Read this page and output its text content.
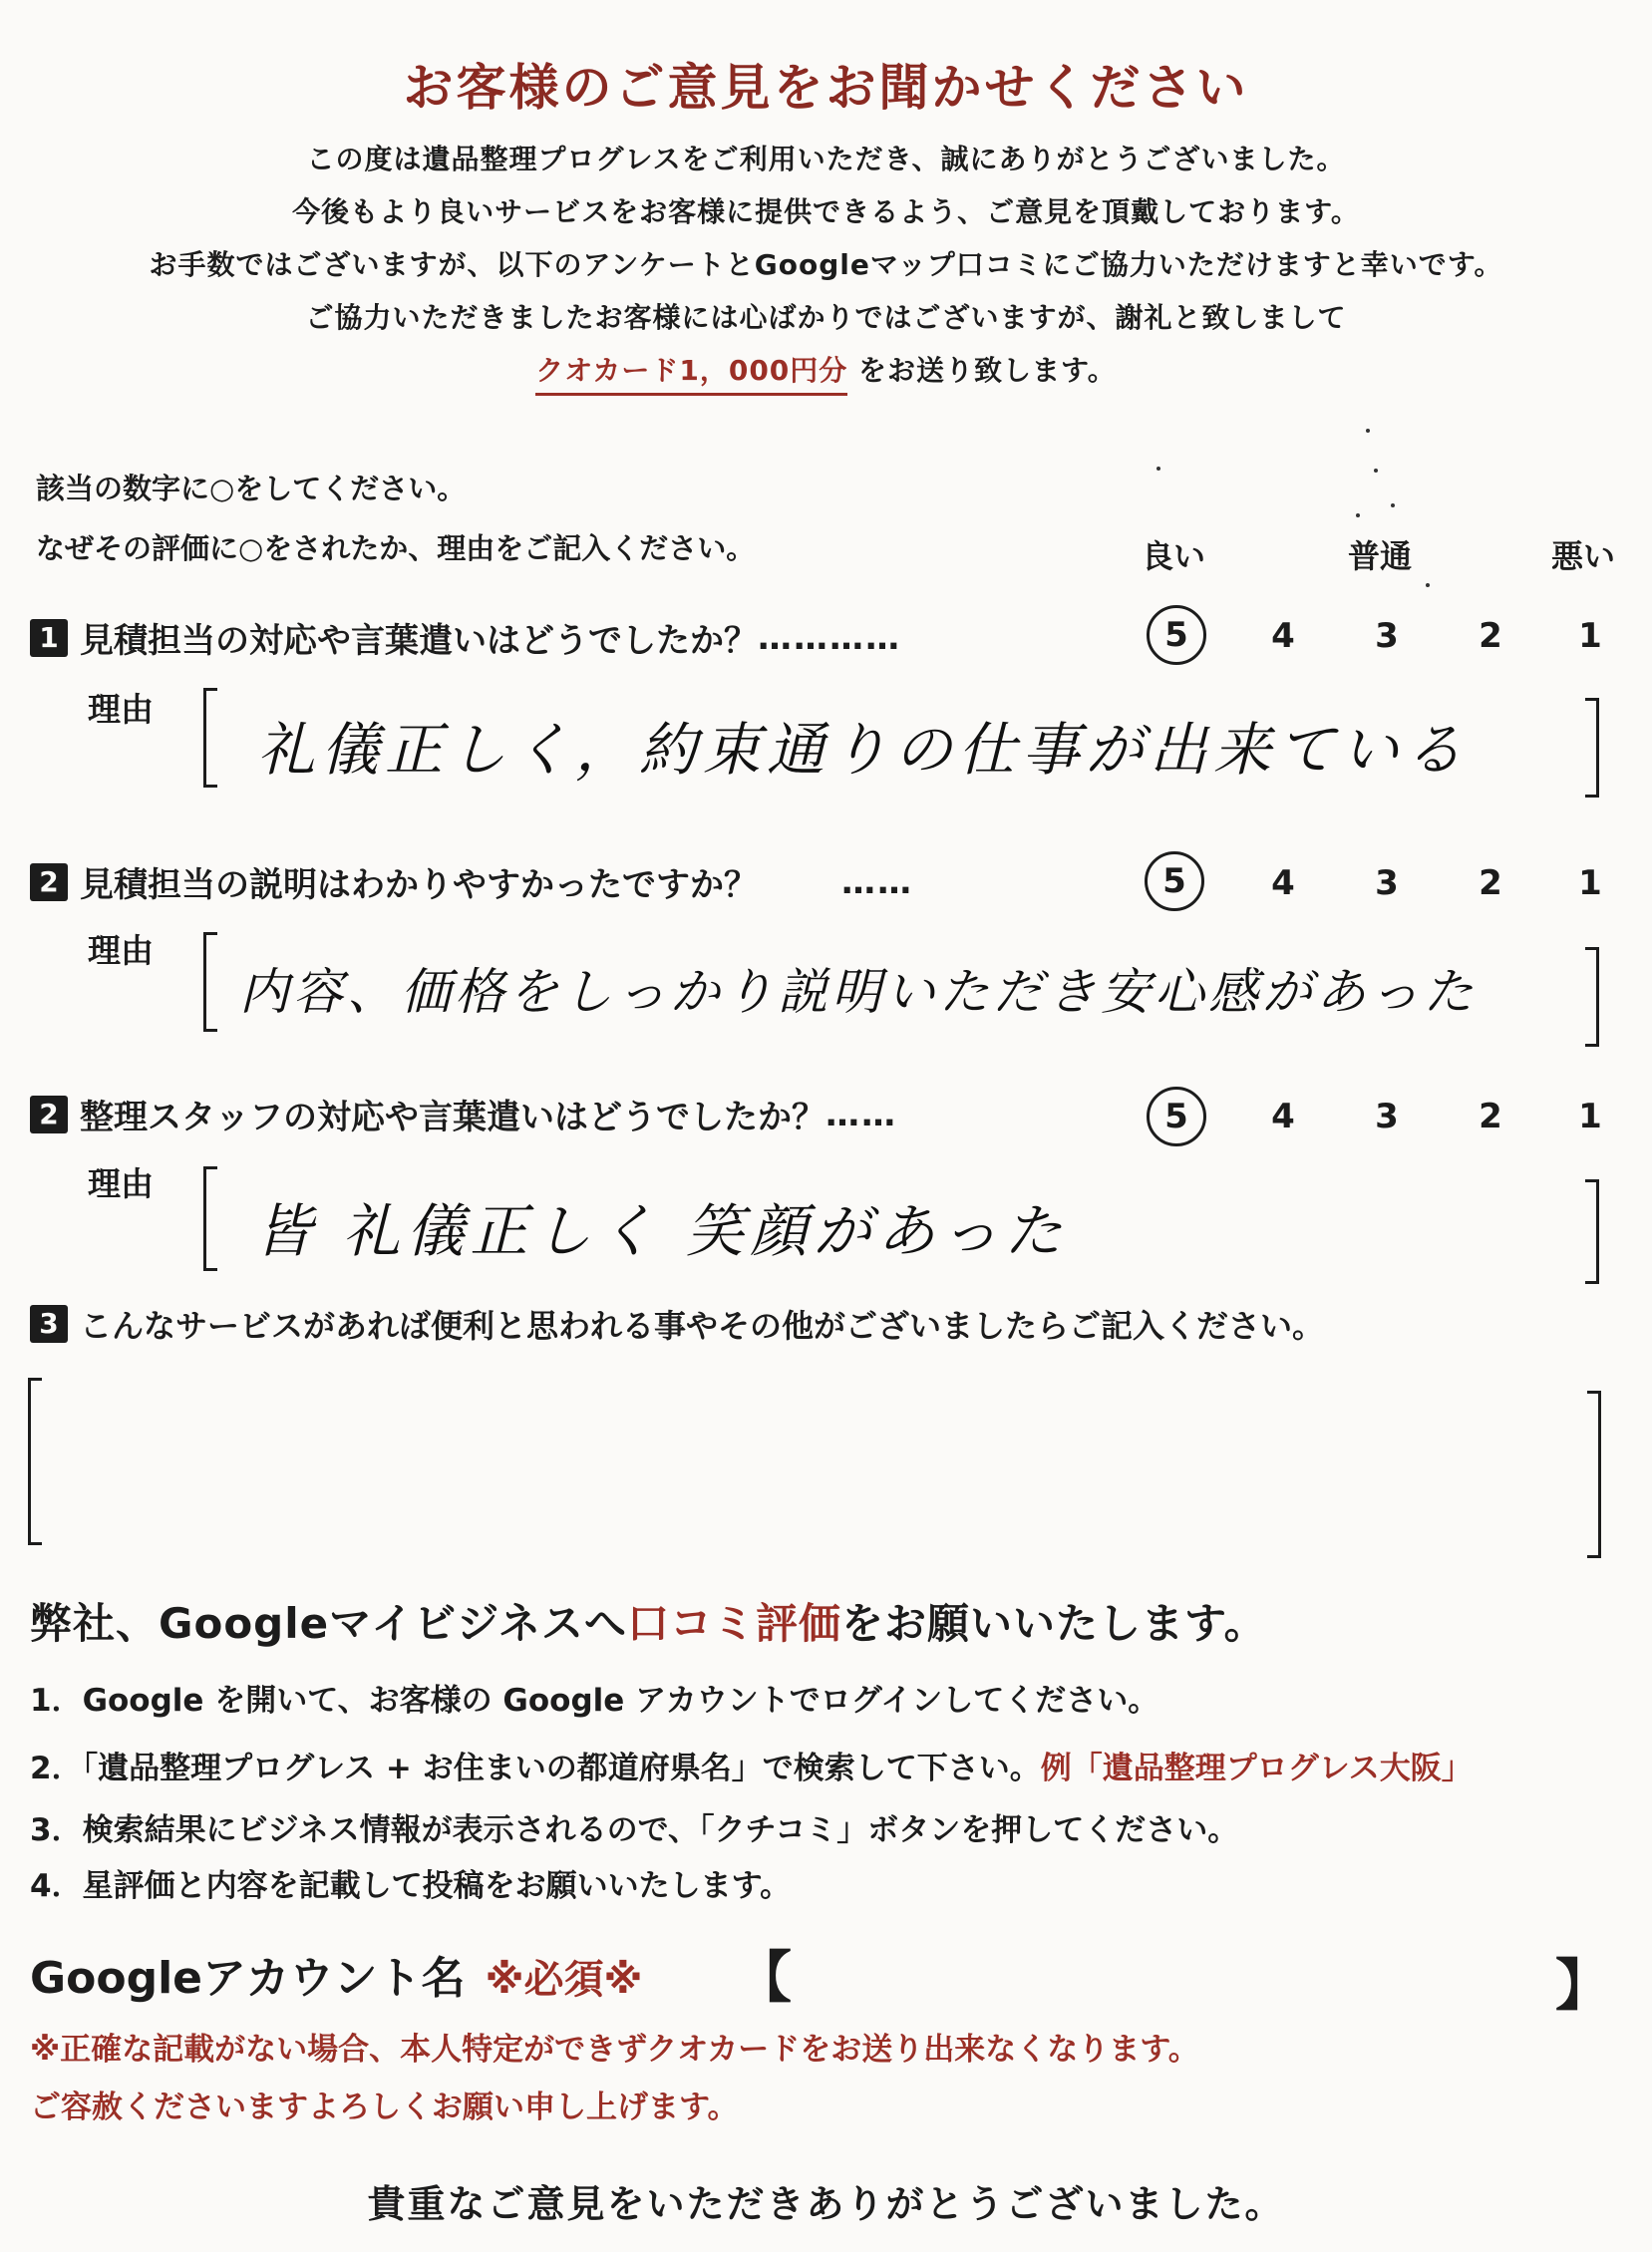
お客様のご意見をお聞かせください
この度は遺品整理プログレスをご利用いただき、誠にありがとうございました。
今後もより良いサービスをお客様に提供できるよう、ご意見を頂戴しております。
お手数ではございますが、以下のアンケートとGoogleマップ口コミにご協力いただけますと幸いです。
ご協力いただきましたお客様には心ばかりではございますが、謝礼と致しまして
クオカード1，000円分 をお送り致します。
該当の数字に○をしてください。
なぜその評価に○をされたか、理由をご記入ください。	良い	普通	悪い
1 見積担当の対応や言葉遣いはどうでしたか？ …………	5	4	3	2	1
理由
礼儀正しく，約束通りの仕事が出来ている
2 見積担当の説明はわかりやすかったですか？ ……	5	4	3	2	1
理由
内容、価格をしっかり説明いただき安心感があった
2 整理スタッフの対応や言葉遣いはどうでしたか？ ……	5	4	3	2	1
理由
皆 礼儀正しく 笑顔があった
3 こんなサービスがあれば便利と思われる事やその他がございましたらご記入ください。
弊社、Googleマイビジネスへ口コミ評価をお願いいたします。
1．Google を開いて、お客様の Google アカウントでログインしてください。
2．「遺品整理プログレス + お住まいの都道府県名」で検索して下さい。例「遺品整理プログレス大阪」
3．検索結果にビジネス情報が表示されるので、「クチコミ」ボタンを押してください。
4．星評価と内容を記載して投稿をお願いいたします。
Googleアカウント名 ※必須※ 【	】
※正確な記載がない場合、本人特定ができずクオカードをお送り出来なくなります。
ご容赦くださいますよろしくお願い申し上げます。
貴重なご意見をいただきありがとうございました。
